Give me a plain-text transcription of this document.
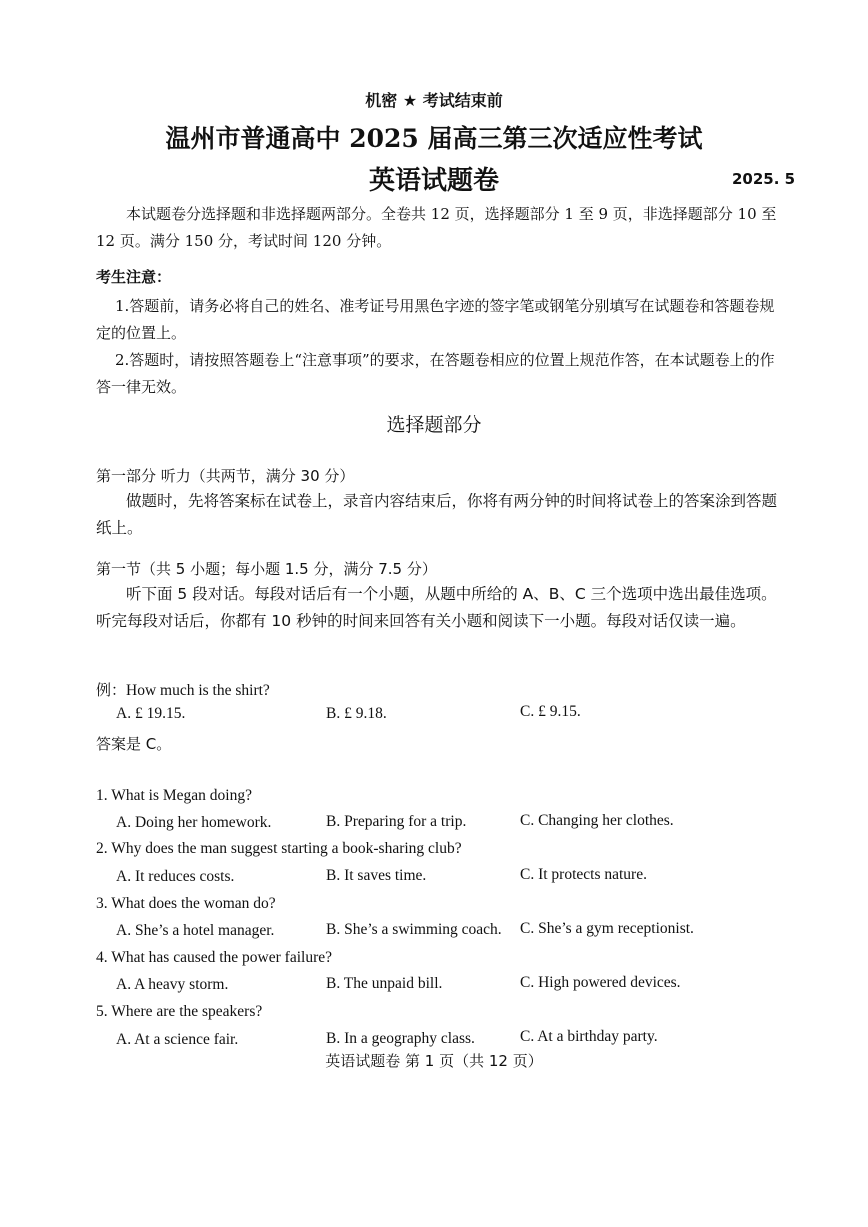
机密 ★ 考试结束前
温州市普通高中 2025 届高三第三次适应性考试
英语试题卷	2025. 5
本试题卷分选择题和非选择题两部分。全卷共 12 页，选择题部分 1 至 9 页，非选择题部分 10 至 12 页。满分 150 分，考试时间 120 分钟。
考生注意：
1.答题前，请务必将自己的姓名、准考证号用黑色字迹的签字笔或钢笔分别填写在试题卷和答题卷规定的位置上。
2.答题时，请按照答题卷上“注意事项”的要求，在答题卷相应的位置上规范作答，在本试题卷上的作答一律无效。
选择题部分
第一部分 听力（共两节，满分 30 分）
做题时，先将答案标在试卷上，录音内容结束后，你将有两分钟的时间将试卷上的答案涂到答题纸上。
第一节（共 5 小题；每小题 1.5 分，满分 7.5 分）
听下面 5 段对话。每段对话后有一个小题，从题中所给的 A、B、C 三个选项中选出最佳选项。听完每段对话后，你都有 10 秒钟的时间来回答有关小题和阅读下一小题。每段对话仅读一遍。
例：How much is the shirt?
A. £ 19.15.	B. £ 9.18.	C. £ 9.15.
答案是 C。
1. What is Megan doing?
A. Doing her homework.	B. Preparing for a trip.	C. Changing her clothes.
2. Why does the man suggest starting a book-sharing club?
A. It reduces costs.	B. It saves time.	C. It protects nature.
3. What does the woman do?
A. She’s a hotel manager.	B. She’s a swimming coach. C. She’s a gym receptionist.
4. What has caused the power failure?
A. A heavy storm.	B. The unpaid bill.	C. High powered devices.
5. Where are the speakers?
A. At a science fair.	B. In a geography class.	C. At a birthday party.
英语试题卷 第 1 页（共 12 页）
